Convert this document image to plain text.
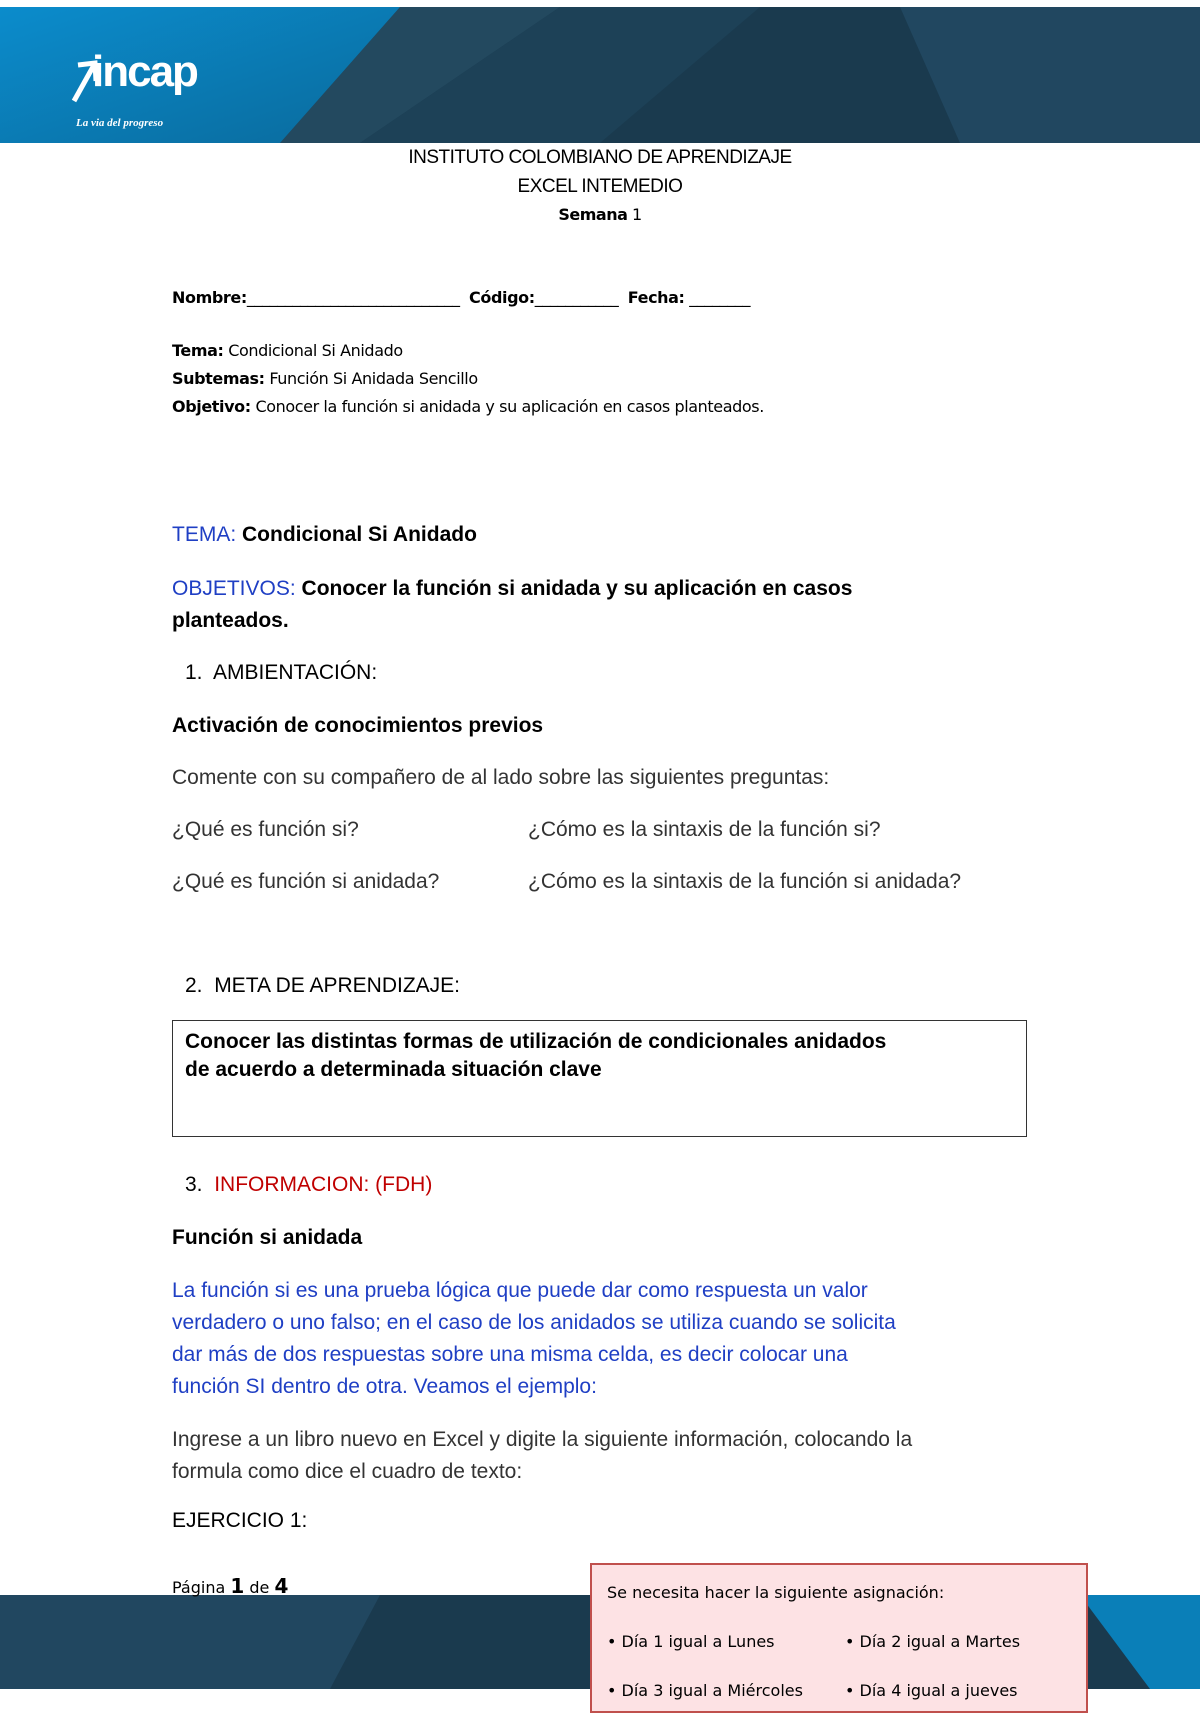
incap
La via del progreso
INSTITUTO COLOMBIANO DE APRENDIZAJE
EXCEL INTEMEDIO
Semana 1
Nombre:____________________________ Código:___________ Fecha: ________
Tema: Condicional Si Anidado
Subtemas: Función Si Anidada Sencillo
Objetivo: Conocer la función si anidada y su aplicación en casos planteados.
TEMA: Condicional Si Anidado
OBJETIVOS: Conocer la función si anidada y su aplicación en casos
planteados.
1. AMBIENTACIÓN:
Activación de conocimientos previos
Comente con su compañero de al lado sobre las siguientes preguntas:
¿Qué es función si?	¿Cómo es la sintaxis de la función si?
¿Qué es función si anidada?	¿Cómo es la sintaxis de la función si anidada?
2. META DE APRENDIZAJE:
Conocer las distintas formas de utilización de condicionales anidados
de acuerdo a determinada situación clave
3. INFORMACION: (FDH)
Función si anidada
La función si es una prueba lógica que puede dar como respuesta un valor
verdadero o uno falso; en el caso de los anidados se utiliza cuando se solicita
dar más de dos respuestas sobre una misma celda, es decir colocar una
función SI dentro de otra. Veamos el ejemplo:
Ingrese a un libro nuevo en Excel y digite la siguiente información, colocando la
formula como dice el cuadro de texto:
EJERCICIO 1:
Página 1 de 4	Se necesita hacer la siguiente asignación:
• Día 1 igual a Lunes	• Día 2 igual a Martes
• Día 3 igual a Miércoles	• Día 4 igual a jueves
